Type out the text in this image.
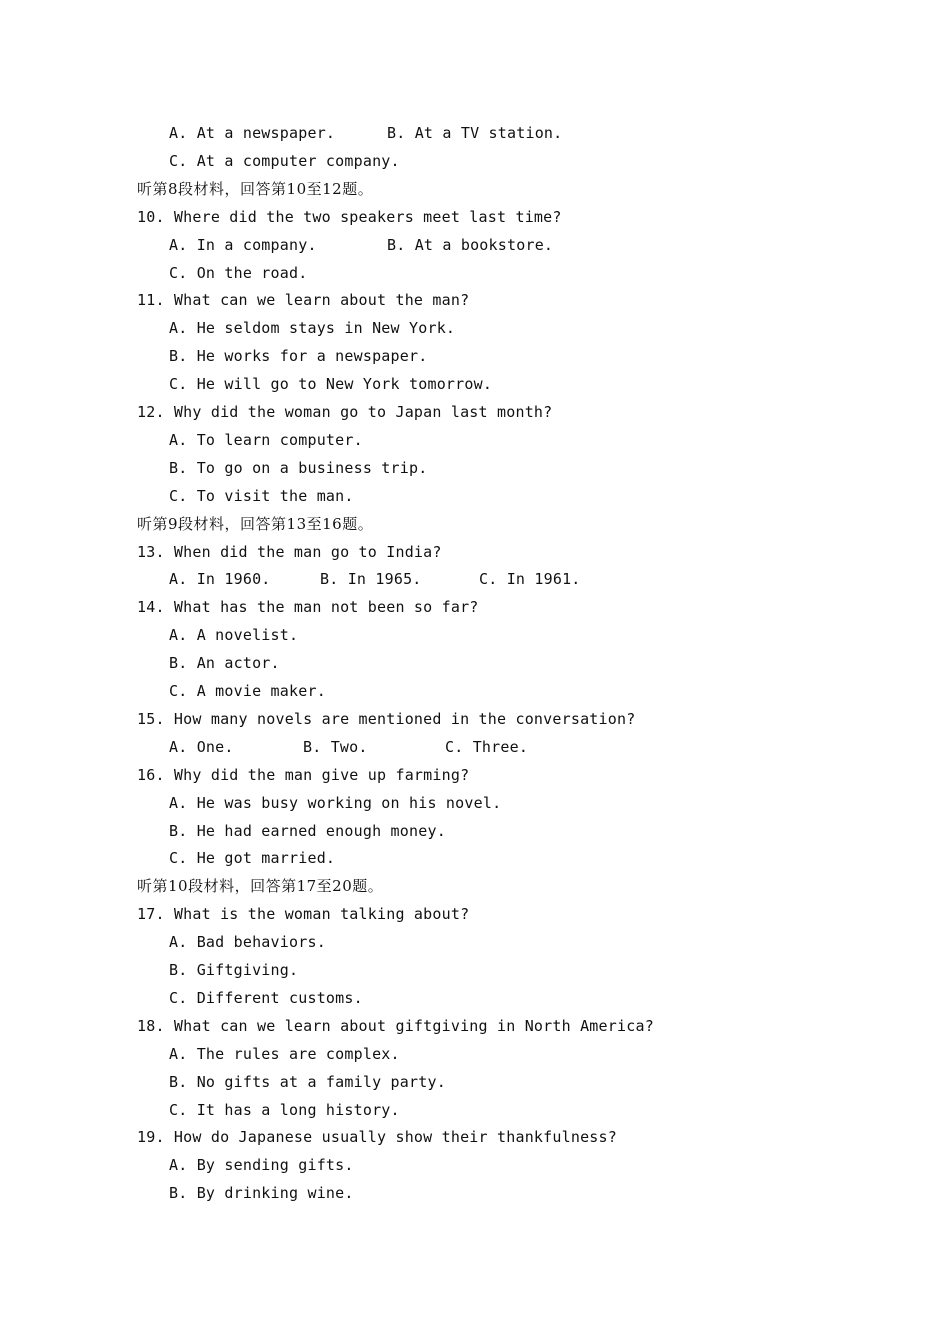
A. At a newspaper.	B. At a TV station.
C. At a computer company.
听第8段材料，回答第10至12题。
10. Where did the two speakers meet last time?
A. In a company.	B. At a bookstore.
C. On the road.
11. What can we learn about the man?
A. He seldom stays in New York.
B. He works for a newspaper.
C. He will go to New York tomorrow.
12. Why did the woman go to Japan last month?
A. To learn computer.
B. To go on a business trip.
C. To visit the man.
听第9段材料，回答第13至16题。
13. When did the man go to India?
A. In 1960.	B. In 1965.	C. In 1961.
14. What has the man not been so far?
A. A novelist.
B. An actor.
C. A movie maker.
15. How many novels are mentioned in the conversation?
A. One.	B. Two.	C. Three.
16. Why did the man give up farming?
A. He was busy working on his novel.
B. He had earned enough money.
C. He got married.
听第10段材料，回答第17至20题。
17. What is the woman talking about?
A. Bad behaviors.
B. Giftgiving.
C. Different customs.
18. What can we learn about giftgiving in North America?
A. The rules are complex.
B. No gifts at a family party.
C. It has a long history.
19. How do Japanese usually show their thankfulness?
A. By sending gifts.
B. By drinking wine.
